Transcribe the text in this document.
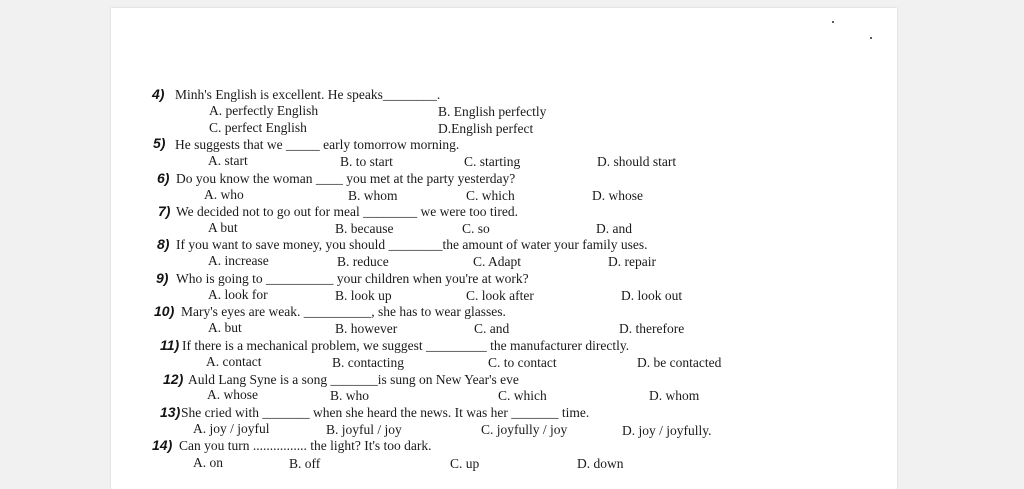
4) Minh's English is excellent. He speaks________.
A. perfectly English	B. English perfectly
C. perfect English	D.English perfect
5) He suggests that we _____ early tomorrow morning.
A. start	B. to start	C. starting	D. should start
6) Do you know the woman ____ you met at the party yesterday?
A. who	B. whom	C. which	D. whose
7) We decided not to go out for meal ________ we were too tired.
A but	B. because	C. so	D. and
8) If you want to save money, you should ________the amount of water your family uses.
A. increase	B. reduce	C. Adapt	D. repair
9) Who is going to __________ your children when you're at work?
A. look for	B. look up	C. look after	D. look out
10) Mary's eyes are weak. __________, she has to wear glasses.
A. but	B. however	C. and	D. therefore
11) If there is a mechanical problem, we suggest _________ the manufacturer directly.
A. contact	B. contacting	C. to contact	D. be contacted
12) Auld Lang Syne is a song _______is sung on New Year's eve
A. whose	B. who	C. which	D. whom
13) She cried with _______ when she heard the news. It was her _______ time.
A. joy / joyful	B. joyful / joy	C. joyfully / joy	D. joy / joyfully.
14) Can you turn ................ the light? It's too dark.
A. on	B. off	C. up	D. down
